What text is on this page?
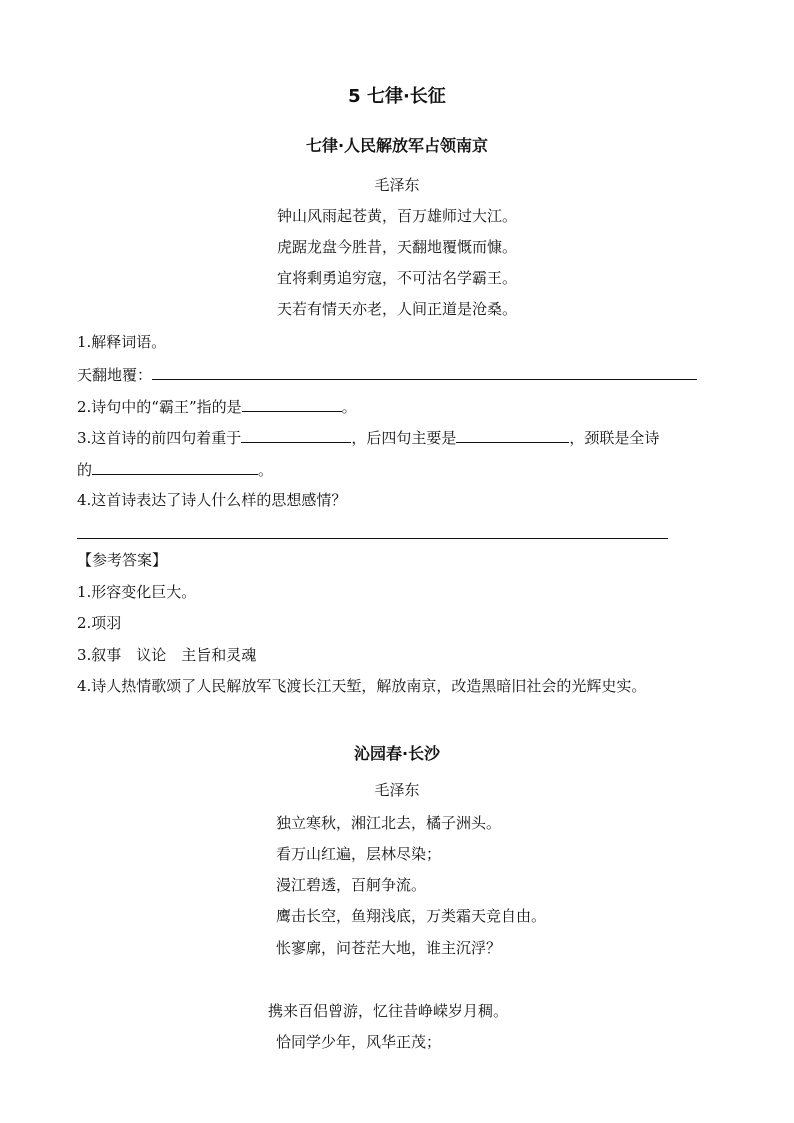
5 七律·长征
七律·人民解放军占领南京
毛泽东
钟山风雨起苍黄，百万雄师过大江。
虎踞龙盘今胜昔，天翻地覆慨而慷。
宜将剩勇追穷寇，不可沽名学霸王。
天若有情天亦老，人间正道是沧桑。
1.解释词语。
天翻地覆：
2.诗句中的“霸王”指的是	。
3.这首诗的前四句着重于	，后四句主要是	，颈联是全诗
的	。
4.这首诗表达了诗人什么样的思想感情？
【参考答案】
1.形容变化巨大。
2.项羽
3.叙事　议论　主旨和灵魂
4.诗人热情歌颂了人民解放军飞渡长江天堑，解放南京，改造黑暗旧社会的光辉史实。
沁园春·长沙
毛泽东
独立寒秋，湘江北去，橘子洲头。
看万山红遍，层林尽染；
漫江碧透，百舸争流。
鹰击长空，鱼翔浅底，万类霜天竞自由。
怅寥廓，问苍茫大地，谁主沉浮？
携来百侣曾游，忆往昔峥嵘岁月稠。
恰同学少年，风华正茂；
